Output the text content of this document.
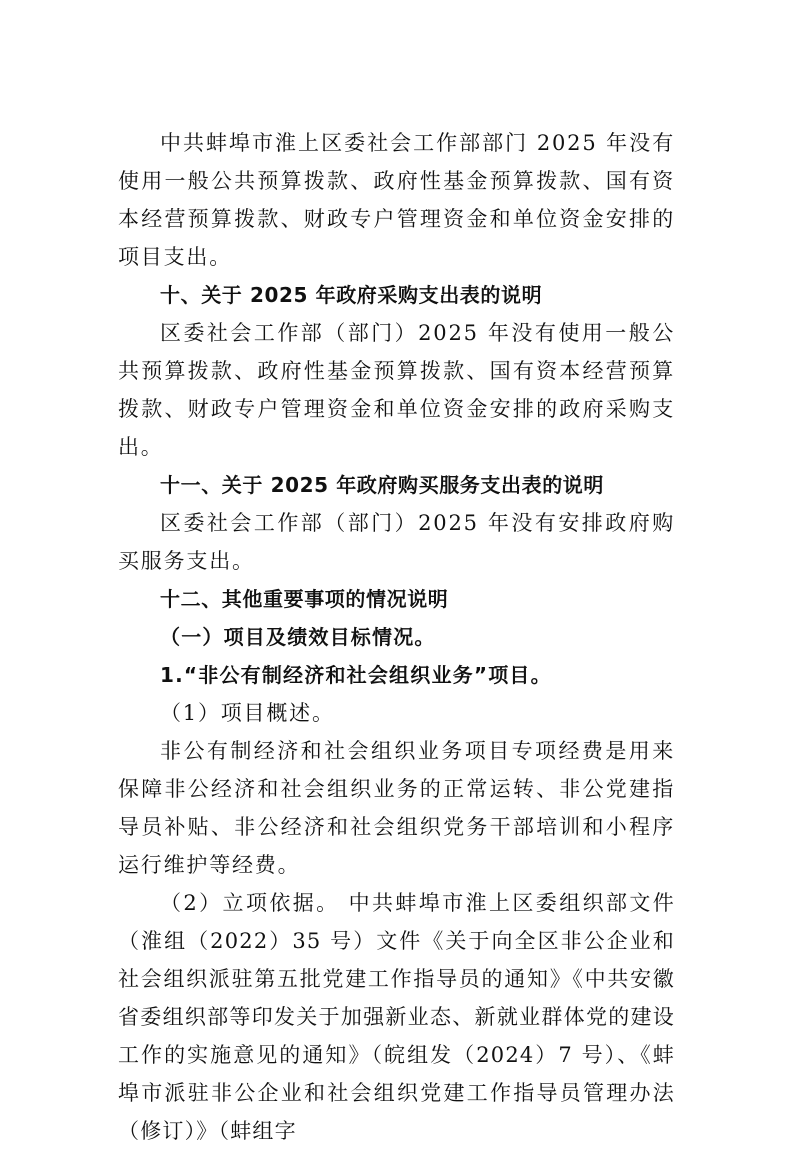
中共蚌埠市淮上区委社会工作部部门 2025 年没有使用一般公共预算拨款、政府性基金预算拨款、国有资本经营预算拨款、财政专户管理资金和单位资金安排的项目支出。

十、关于 2025 年政府采购支出表的说明

区委社会工作部（部门）2025 年没有使用一般公共预算拨款、政府性基金预算拨款、国有资本经营预算拨款、财政专户管理资金和单位资金安排的政府采购支出。

十一、关于 2025 年政府购买服务支出表的说明

区委社会工作部（部门）2025 年没有安排政府购买服务支出。

十二、其他重要事项的情况说明

（一）项目及绩效目标情况。

1.“非公有制经济和社会组织业务”项目。

（1）项目概述。

非公有制经济和社会组织业务项目专项经费是用来保障非公经济和社会组织业务的正常运转、非公党建指导员补贴、非公经济和社会组织党务干部培训和小程序运行维护等经费。

（2）立项依据。 中共蚌埠市淮上区委组织部文件（淮组（2022）35 号）文件《关于向全区非公企业和社会组织派驻第五批党建工作指导员的通知》《中共安徽省委组织部等印发关于加强新业态、新就业群体党的建设工作的实施意见的通知》（皖组发（2024）7 号）、《蚌埠市派驻非公企业和社会组织党建工作指导员管理办法（修订）》（蚌组字
